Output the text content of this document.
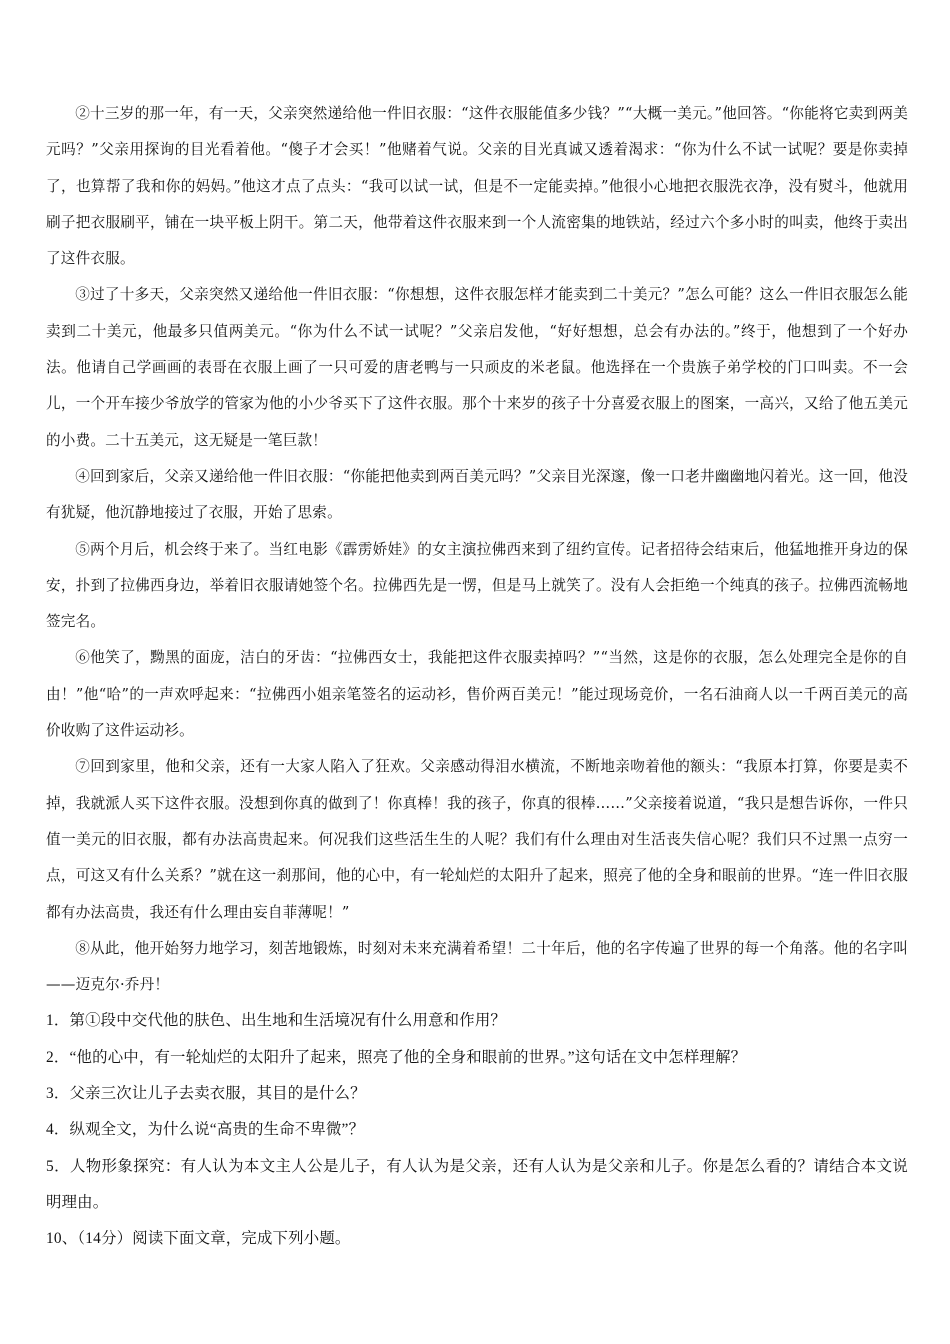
②十三岁的那一年，有一天，父亲突然递给他一件旧衣服：“这件衣服能值多少钱？”“大概一美元。”他回答。“你能将它卖到两美元吗？”父亲用探询的目光看着他。“傻子才会买！”他赌着气说。父亲的目光真诚又透着渴求：“你为什么不试一试呢？要是你卖掉了，也算帮了我和你的妈妈。”他这才点了点头：“我可以试一试，但是不一定能卖掉。”他很小心地把衣服洗衣净，没有熨斗，他就用刷子把衣服刷平，铺在一块平板上阴干。第二天，他带着这件衣服来到一个人流密集的地铁站，经过六个多小时的叫卖，他终于卖出了这件衣服。

③过了十多天，父亲突然又递给他一件旧衣服：“你想想，这件衣服怎样才能卖到二十美元？”怎么可能？这么一件旧衣服怎么能卖到二十美元，他最多只值两美元。“你为什么不试一试呢？”父亲启发他，“好好想想，总会有办法的。”终于，他想到了一个好办法。他请自己学画画的表哥在衣服上画了一只可爱的唐老鸭与一只顽皮的米老鼠。他选择在一个贵族子弟学校的门口叫卖。不一会儿，一个开车接少爷放学的管家为他的小少爷买下了这件衣服。那个十来岁的孩子十分喜爱衣服上的图案，一高兴，又给了他五美元的小费。二十五美元，这无疑是一笔巨款！

④回到家后，父亲又递给他一件旧衣服：“你能把他卖到两百美元吗？”父亲目光深邃，像一口老井幽幽地闪着光。这一回，他没有犹疑，他沉静地接过了衣服，开始了思索。

⑤两个月后，机会终于来了。当红电影《霹雳娇娃》的女主演拉佛西来到了纽约宣传。记者招待会结束后，他猛地推开身边的保安，扑到了拉佛西身边，举着旧衣服请她签个名。拉佛西先是一愣，但是马上就笑了。没有人会拒绝一个纯真的孩子。拉佛西流畅地签完名。

⑥他笑了，黝黑的面庞，洁白的牙齿：“拉佛西女士，我能把这件衣服卖掉吗？”“当然，这是你的衣服，怎么处理完全是你的自由！”他“哈”的一声欢呼起来：“拉佛西小姐亲笔签名的运动衫，售价两百美元！”能过现场竞价，一名石油商人以一千两百美元的高价收购了这件运动衫。

⑦回到家里，他和父亲，还有一大家人陷入了狂欢。父亲感动得泪水横流，不断地亲吻着他的额头：“我原本打算，你要是卖不掉，我就派人买下这件衣服。没想到你真的做到了！你真棒！我的孩子，你真的很棒……”父亲接着说道，“我只是想告诉你，一件只值一美元的旧衣服，都有办法高贵起来。何况我们这些活生生的人呢？我们有什么理由对生活丧失信心呢？我们只不过黑一点穷一点，可这又有什么关系？”就在这一刹那间，他的心中，有一轮灿烂的太阳升了起来，照亮了他的全身和眼前的世界。“连一件旧衣服都有办法高贵，我还有什么理由妄自菲薄呢！”

⑧从此，他开始努力地学习，刻苦地锻炼，时刻对未来充满着希望！二十年后，他的名字传遍了世界的每一个角落。他的名字叫——迈克尔·乔丹！

1．第①段中交代他的肤色、出生地和生活境况有什么用意和作用？

2．“他的心中，有一轮灿烂的太阳升了起来，照亮了他的全身和眼前的世界。”这句话在文中怎样理解？

3．父亲三次让儿子去卖衣服，其目的是什么？

4．纵观全文，为什么说“高贵的生命不卑微”？

5．人物形象探究：有人认为本文主人公是儿子，有人认为是父亲，还有人认为是父亲和儿子。你是怎么看的？请结合本文说明理由。

10、（14分）阅读下面文章，完成下列小题。
